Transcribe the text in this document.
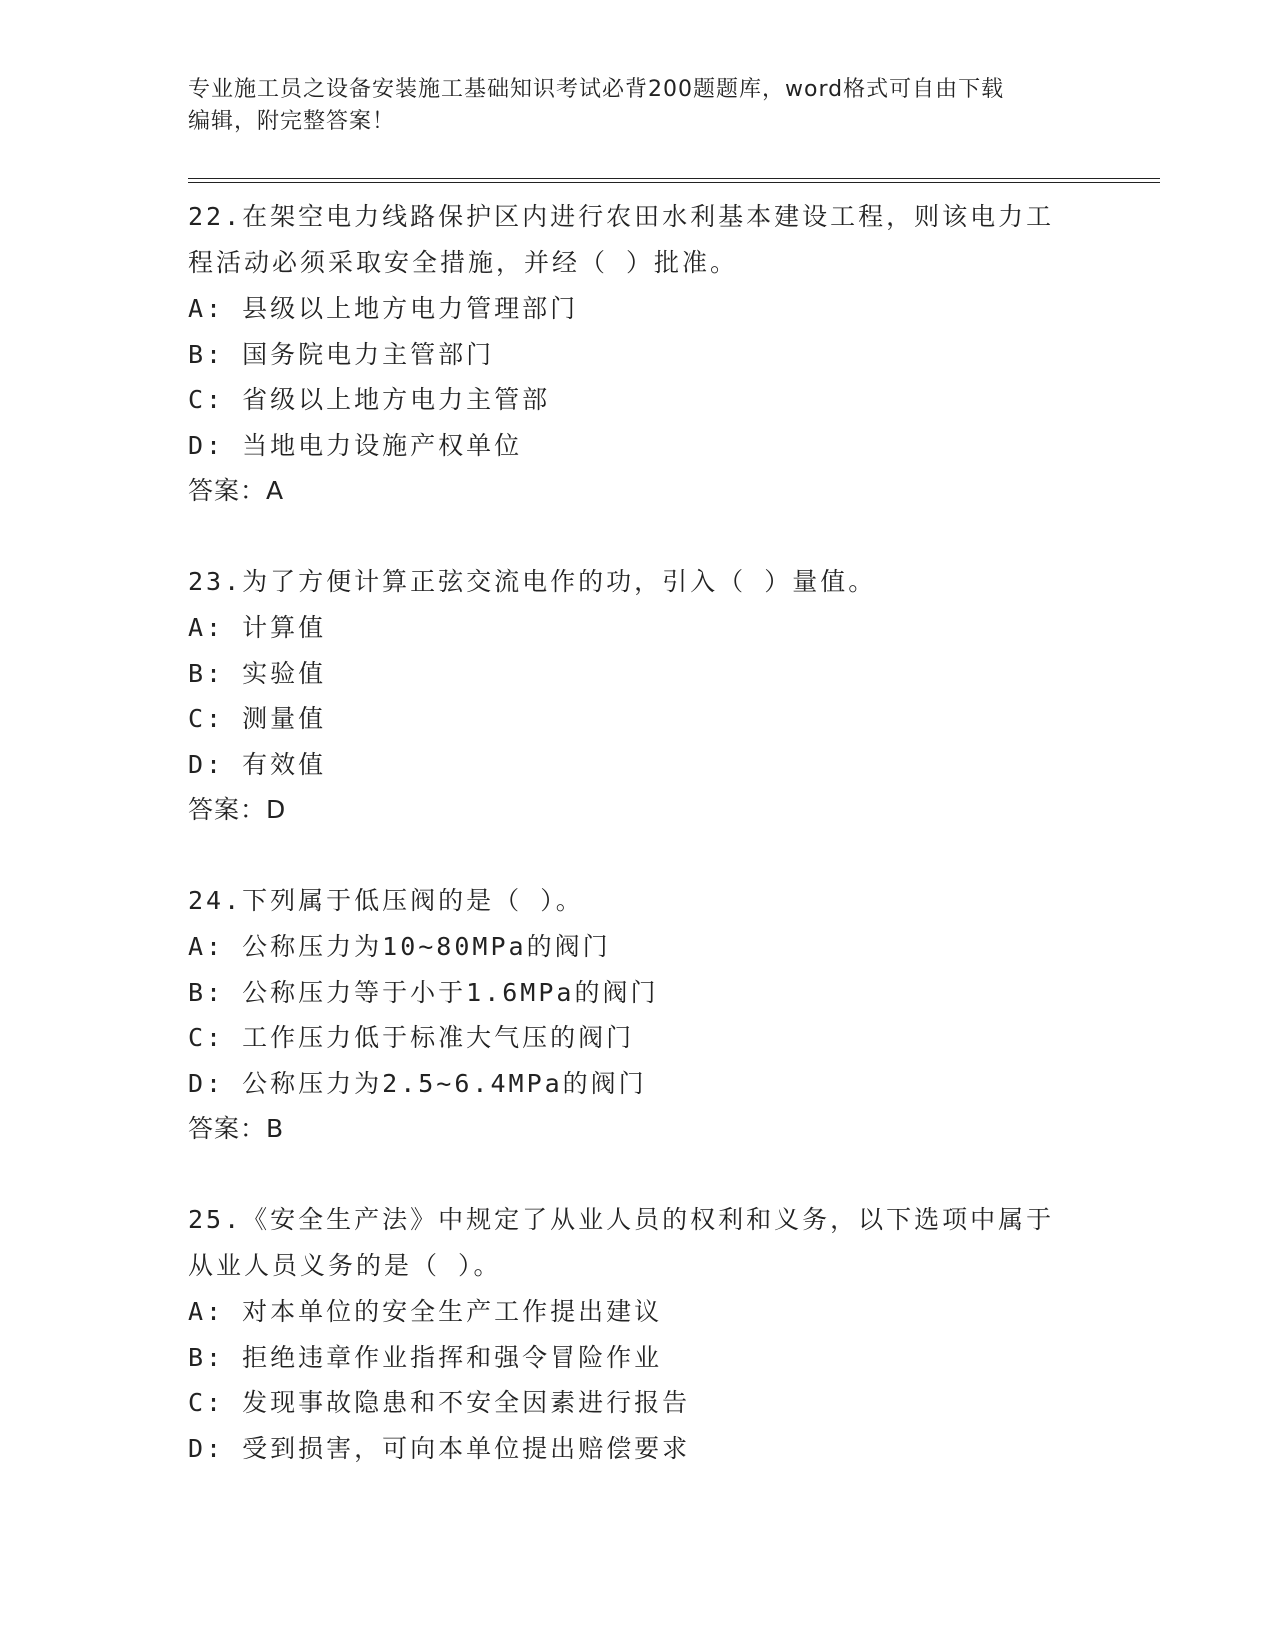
专业施工员之设备安装施工基础知识考试必背200题题库，word格式可自由下载
编辑，附完整答案！
22.在架空电力线路保护区内进行农田水利基本建设工程，则该电力工
程活动必须采取安全措施，并经（ ）批准。
A: 县级以上地方电力管理部门
B: 国务院电力主管部门
C: 省级以上地方电力主管部
D: 当地电力设施产权单位
答案：A
23.为了方便计算正弦交流电作的功，引入（ ）量值。
A: 计算值
B: 实验值
C: 测量值
D: 有效值
答案：D
24.下列属于低压阀的是（ ）。
A: 公称压力为10~80MPa的阀门
B: 公称压力等于小于1.6MPa的阀门
C: 工作压力低于标准大气压的阀门
D: 公称压力为2.5~6.4MPa的阀门
答案：B
25.《安全生产法》中规定了从业人员的权利和义务，以下选项中属于
从业人员义务的是（ ）。
A: 对本单位的安全生产工作提出建议
B: 拒绝违章作业指挥和强令冒险作业
C: 发现事故隐患和不安全因素进行报告
D: 受到损害，可向本单位提出赔偿要求
